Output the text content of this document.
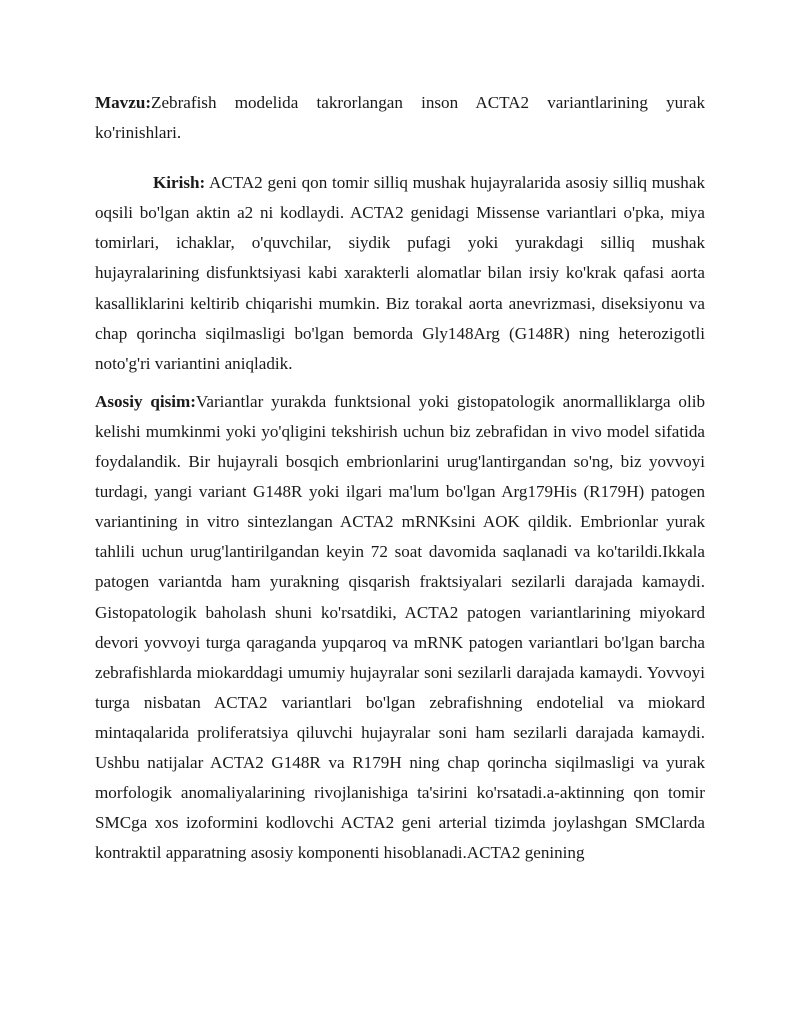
Mavzu:Zebrafish modelida takrorlangan inson ACTA2 variantlarining yurak ko'rinishlari.

Kirish: ACTA2 geni qon tomir silliq mushak hujayralarida asosiy silliq mushak oqsili bo'lgan aktin a2 ni kodlaydi. ACTA2 genidagi Missense variantlari o'pka, miya tomirlari, ichaklar, o'quvchilar, siydik pufagi yoki yurakdagi silliq mushak hujayralarining disfunktsiyasi kabi xarakterli alomatlar bilan irsiy ko'krak qafasi aorta kasalliklarini keltirib chiqarishi mumkin. Biz torakal aorta anevrizmasi, diseksiyonu va chap qorincha siqilmasligi bo'lgan bemorda Gly148Arg (G148R) ning heterozigotli noto'g'ri variantini aniqladik.

Asosiy qisim:Variantlar yurakda funktsional yoki gistopatologik anormalliklarga olib kelishi mumkinmi yoki yo'qligini tekshirish uchun biz zebrafidan in vivo model sifatida foydalandik. Bir hujayrali bosqich embrionlarini urug'lantirgandan so'ng, biz yovvoyi turdagi, yangi variant G148R yoki ilgari ma'lum bo'lgan Arg179His (R179H) patogen variantining in vitro sintezlangan ACTA2 mRNKsini AOK qildik. Embrionlar yurak tahlili uchun urug'lantirilgandan keyin 72 soat davomida saqlanadi va ko'tarildi.Ikkala patogen variantda ham yurakning qisqarish fraktsiyalari sezilarli darajada kamaydi. Gistopatologik baholash shuni ko'rsatdiki, ACTA2 patogen variantlarining miyokard devori yovvoyi turga qaraganda yupqaroq va mRNK patogen variantlari bo'lgan barcha zebrafishlarda miokarddagi umumiy hujayralar soni sezilarli darajada kamaydi. Yovvoyi turga nisbatan ACTA2 variantlari bo'lgan zebrafishning endotelial va miokard mintaqalarida proliferatsiya qiluvchi hujayralar soni ham sezilarli darajada kamaydi. Ushbu natijalar ACTA2 G148R va R179H ning chap qorincha siqilmasligi va yurak morfologik anomaliyalarining rivojlanishiga ta'sirini ko'rsatadi.a-aktinning qon tomir SMCga xos izoformini kodlovchi ACTA2 geni arterial tizimda joylashgan SMClarda kontraktil apparatning asosiy komponenti hisoblanadi.ACTA2 genining
